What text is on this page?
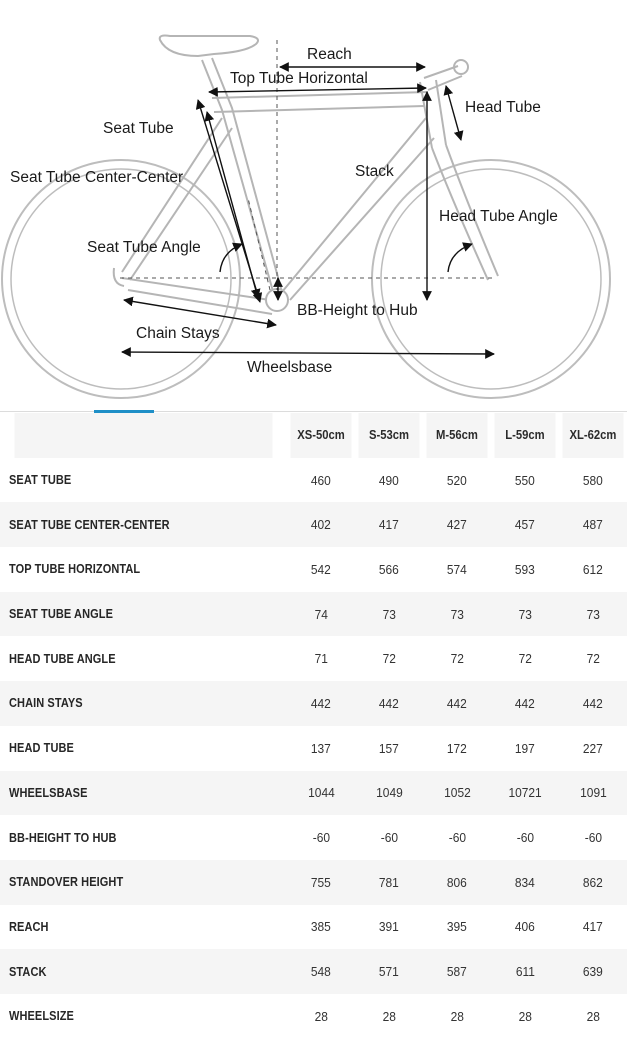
Reach
Top Tube Horizontal
Head Tube
Seat Tube
Seat Tube Center-Center	Stack
Head Tube Angle
Seat Tube Angle
BB-Height to Hub
Chain Stays
Wheelsbase
	XS-50cm	S-53cm	M-56cm	L-59cm	XL-62cm
SEAT TUBE	460	490	520	550	580
SEAT TUBE CENTER-CENTER	402	417	427	457	487
TOP TUBE HORIZONTAL	542	566	574	593	612
SEAT TUBE ANGLE	74	73	73	73	73
HEAD TUBE ANGLE	71	72	72	72	72
CHAIN STAYS	442	442	442	442	442
HEAD TUBE	137	157	172	197	227
WHEELSBASE	1044	1049	1052	10721	1091
BB-HEIGHT TO HUB	-60	-60	-60	-60	-60
STANDOVER HEIGHT	755	781	806	834	862
REACH	385	391	395	406	417
STACK	548	571	587	611	639
WHEELSIZE	28	28	28	28	28
